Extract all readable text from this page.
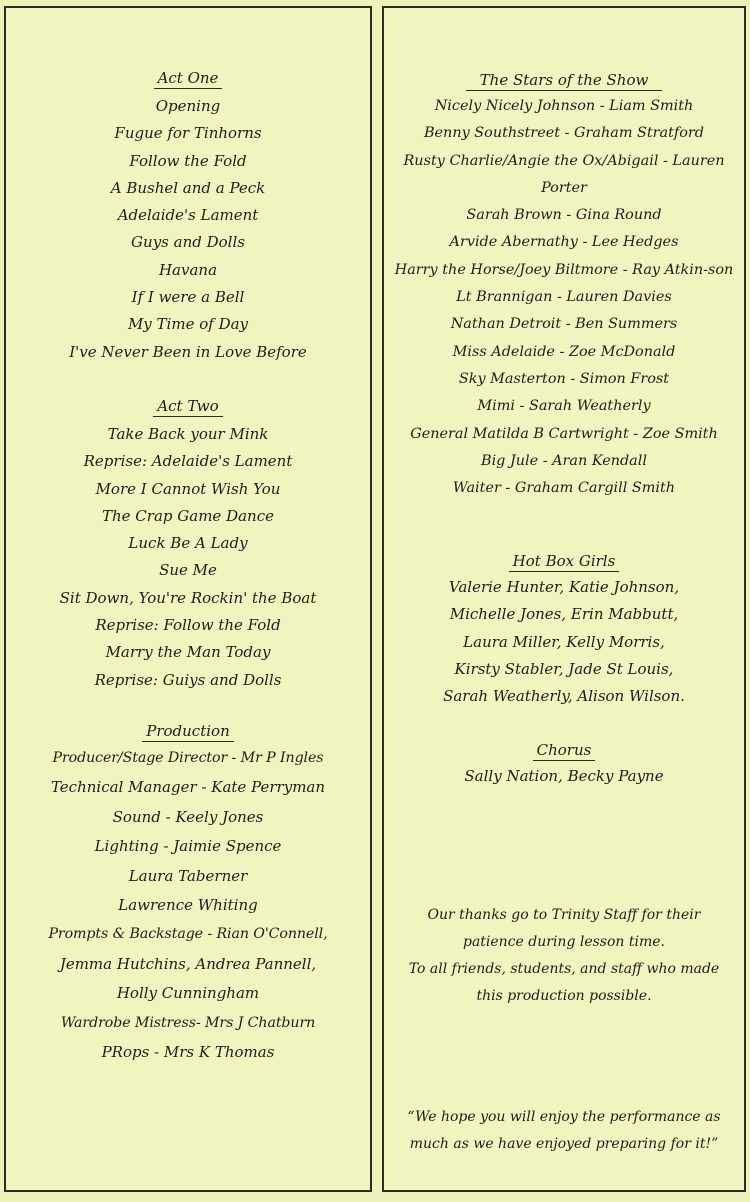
Act One
Opening
Fugue for Tinhorns
Follow the Fold
A Bushel and a Peck
Adelaide's Lament
Guys and Dolls
Havana
If I were a Bell
My Time of Day
I've Never Been in Love Before
Act Two
Take Back your Mink
Reprise: Adelaide's Lament
More I Cannot Wish You
The Crap Game Dance
Luck Be A Lady
Sue Me
Sit Down, You're Rockin' the Boat
Reprise: Follow the Fold
Marry the Man Today
Reprise: Guiys and Dolls
Production
Producer/Stage Director - Mr P Ingles
Technical Manager - Kate Perryman
Sound - Keely Jones
Lighting - Jaimie Spence
Laura Taberner
Lawrence Whiting
Prompts & Backstage - Rian O'Connell,
Jemma Hutchins, Andrea Pannell,
Holly Cunningham
Wardrobe Mistress- Mrs J Chatburn
PRops - Mrs K Thomas
The Stars of the Show
Nicely Nicely Johnson - Liam Smith
Benny Southstreet - Graham Stratford
Rusty Charlie/Angie the Ox/Abigail - Lauren Porter
Sarah Brown - Gina Round
Arvide Abernathy - Lee Hedges
Harry the Horse/Joey Biltmore - Ray Atkin-son
Lt Brannigan - Lauren Davies
Nathan Detroit - Ben Summers
Miss Adelaide - Zoe McDonald
Sky Masterton - Simon Frost
Mimi - Sarah Weatherly
General Matilda B Cartwright - Zoe Smith
Big Jule - Aran Kendall
Waiter - Graham Cargill Smith
Hot Box Girls
Valerie Hunter, Katie Johnson,
Michelle Jones, Erin Mabbutt,
Laura Miller, Kelly Morris,
Kirsty Stabler, Jade St Louis,
Sarah Weatherly, Alison Wilson.
Chorus
Sally Nation, Becky Payne
Our thanks go to Trinity Staff for their
patience during lesson time.
To all friends, students, and staff who made
this production possible.
“We hope you will enjoy the performance as
much as we have enjoyed preparing for it!”
